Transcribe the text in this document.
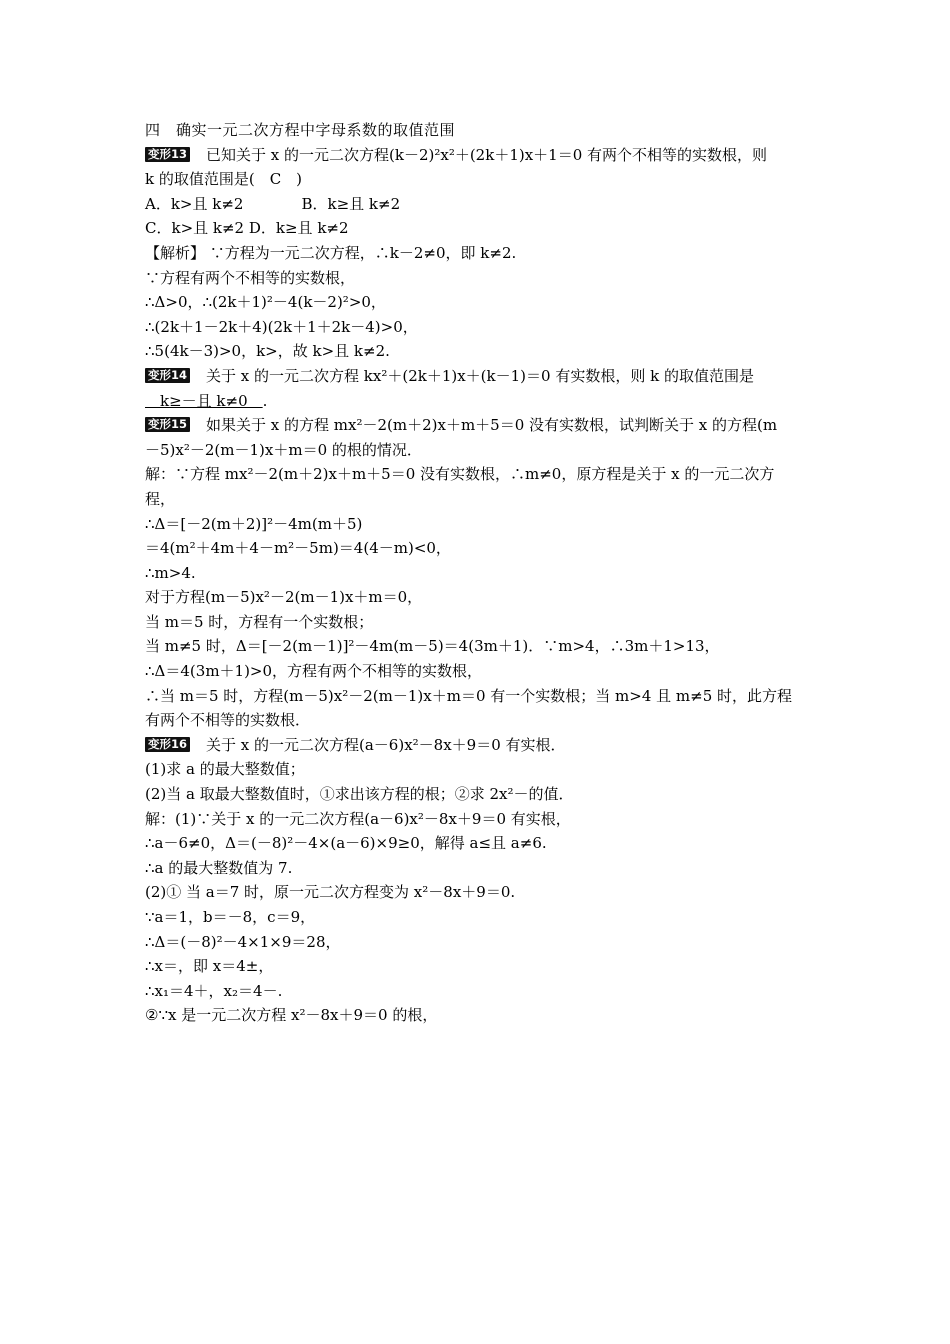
四　确实一元二次方程中字母系数的取值范围
变形13 已知关于 x 的一元二次方程(k－2)²x²＋(2k＋1)x＋1＝0 有两个不相等的实数根，则
k 的取值范围是(　C　)
A．k>且 k≠2	B．k≥且 k≠2
C．k>且 k≠2 D．k≥且 k≠2
【解析】 ∵方程为一元二次方程，∴k－2≠0，即 k≠2.
∵方程有两个不相等的实数根，
∴Δ>0，∴(2k＋1)²－4(k－2)²>0，
∴(2k＋1－2k＋4)(2k＋1＋2k－4)>0，
∴5(4k－3)>0，k>，故 k>且 k≠2.
变形14 关于 x 的一元二次方程 kx²＋(2k＋1)x＋(k－1)＝0 有实数根，则 k 的取值范围是
　k≥－且 k≠0　.
变形15 如果关于 x 的方程 mx²－2(m＋2)x＋m＋5＝0 没有实数根，试判断关于 x 的方程(m
－5)x²－2(m－1)x＋m＝0 的根的情况．
解：∵方程 mx²－2(m＋2)x＋m＋5＝0 没有实数根，∴m≠0，原方程是关于 x 的一元二次方
程，
∴Δ＝[－2(m＋2)]²－4m(m＋5)
＝4(m²＋4m＋4－m²－5m)＝4(4－m)<0，
∴m>4.
对于方程(m－5)x²－2(m－1)x＋m＝0，
当 m＝5 时，方程有一个实数根；
当 m≠5 时，Δ＝[－2(m－1)]²－4m(m－5)＝4(3m＋1)．∵m>4，∴3m＋1>13，
∴Δ＝4(3m＋1)>0，方程有两个不相等的实数根，
∴当 m＝5 时，方程(m－5)x²－2(m－1)x＋m＝0 有一个实数根；当 m>4 且 m≠5 时，此方程
有两个不相等的实数根．
变形16 关于 x 的一元二次方程(a－6)x²－8x＋9＝0 有实根．
(1)求 a 的最大整数值；
(2)当 a 取最大整数值时，①求出该方程的根；②求 2x²－的值．
解：(1)∵关于 x 的一元二次方程(a－6)x²－8x＋9＝0 有实根，
∴a－6≠0，Δ＝(－8)²－4×(a－6)×9≥0，解得 a≤且 a≠6.
∴a 的最大整数值为 7.
(2)① 当 a＝7 时，原一元二次方程变为 x²－8x＋9＝0.
∵a＝1，b＝－8，c＝9，
∴Δ＝(－8)²－4×1×9＝28，
∴x＝，即 x＝4±，
∴x₁＝4＋，x₂＝4－.
②∵x 是一元二次方程 x²－8x＋9＝0 的根，
